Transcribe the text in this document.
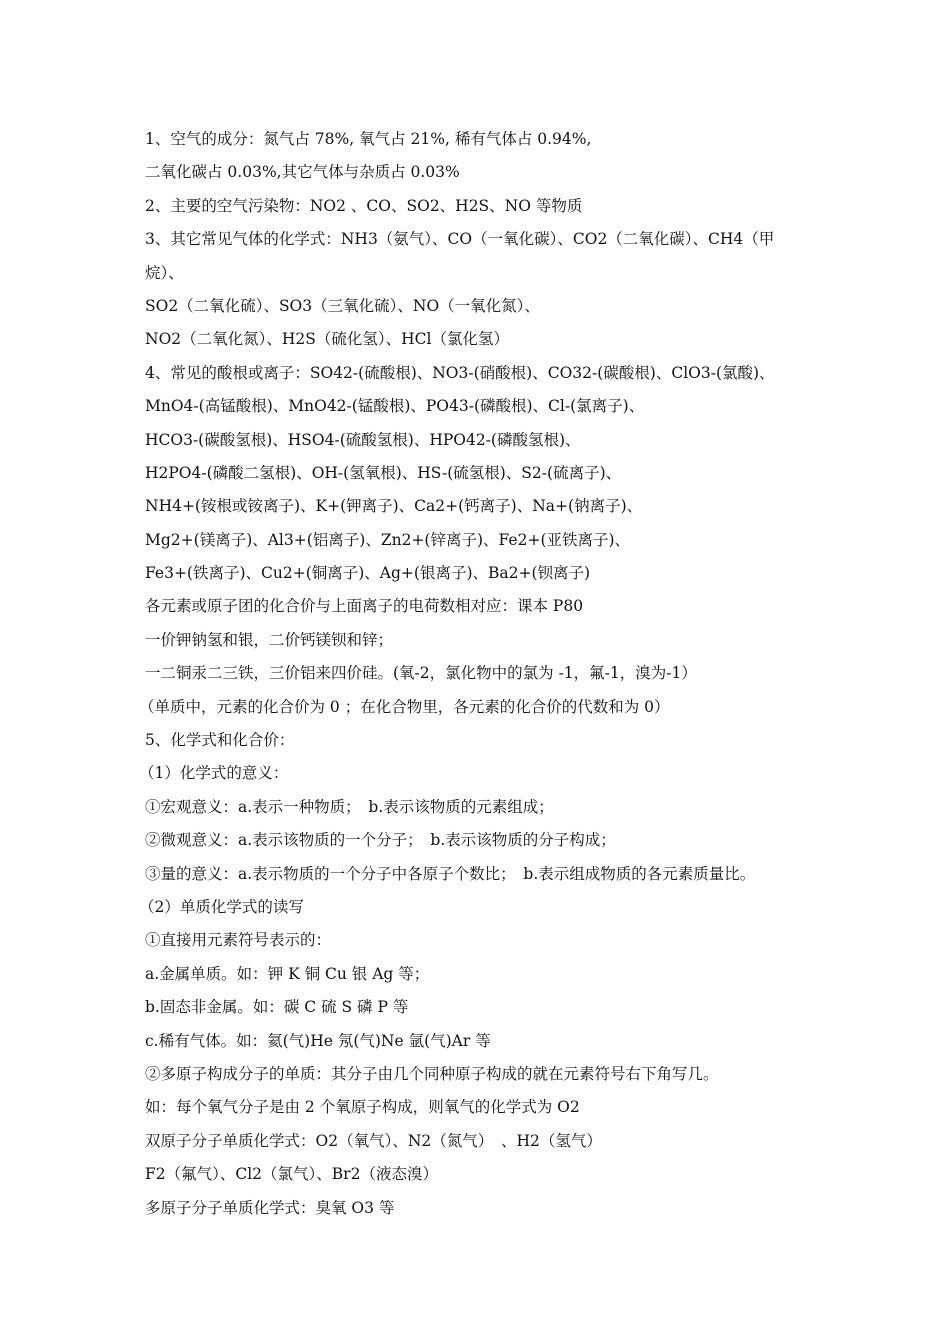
1、空气的成分：氮气占 78%, 氧气占 21%, 稀有气体占 0.94%,
二氧化碳占 0.03%,其它气体与杂质占 0.03%
2、主要的空气污染物：NO2 、CO、SO2、H2S、NO 等物质
3、其它常见气体的化学式：NH3（氨气）、CO（一氧化碳）、CO2（二氧化碳）、CH4（甲
烷）、
SO2（二氧化硫）、SO3（三氧化硫）、NO（一氧化氮）、
NO2（二氧化氮）、H2S（硫化氢）、HCl（氯化氢）
4、常见的酸根或离子：SO42-(硫酸根)、NO3-(硝酸根)、CO32-(碳酸根)、ClO3-(氯酸)、
MnO4-(高锰酸根)、MnO42-(锰酸根)、PO43-(磷酸根)、Cl-(氯离子)、
HCO3-(碳酸氢根)、HSO4-(硫酸氢根)、HPO42-(磷酸氢根)、
H2PO4-(磷酸二氢根)、OH-(氢氧根)、HS-(硫氢根)、S2-(硫离子)、
NH4+(铵根或铵离子)、K+(钾离子)、Ca2+(钙离子)、Na+(钠离子)、
Mg2+(镁离子)、Al3+(铝离子)、Zn2+(锌离子)、Fe2+(亚铁离子)、
Fe3+(铁离子)、Cu2+(铜离子)、Ag+(银离子)、Ba2+(钡离子)
各元素或原子团的化合价与上面离子的电荷数相对应：课本 P80
一价钾钠氢和银，二价钙镁钡和锌；
一二铜汞二三铁，三价铝来四价硅。(氧-2，氯化物中的氯为 -1，氟-1，溴为-1）
（单质中，元素的化合价为 0 ；在化合物里，各元素的化合价的代数和为 0）
5、化学式和化合价：
（1）化学式的意义：
①宏观意义：a.表示一种物质；　b.表示该物质的元素组成；
②微观意义：a.表示该物质的一个分子；　b.表示该物质的分子构成；
③量的意义：a.表示物质的一个分子中各原子个数比；　b.表示组成物质的各元素质量比。
（2）单质化学式的读写
①直接用元素符号表示的：
a.金属单质。如：钾 K 铜 Cu 银 Ag 等；
b.固态非金属。如：碳 C 硫 S 磷 P 等
c.稀有气体。如：氦(气)He 氖(气)Ne 氩(气)Ar 等
②多原子构成分子的单质：其分子由几个同种原子构成的就在元素符号右下角写几。
如：每个氧气分子是由 2 个氧原子构成，则氧气的化学式为 O2
双原子分子单质化学式：O2（氧气）、N2（氮气）　、H2（氢气）
F2（氟气）、Cl2（氯气）、Br2（液态溴）
多原子分子单质化学式：臭氧 O3 等
